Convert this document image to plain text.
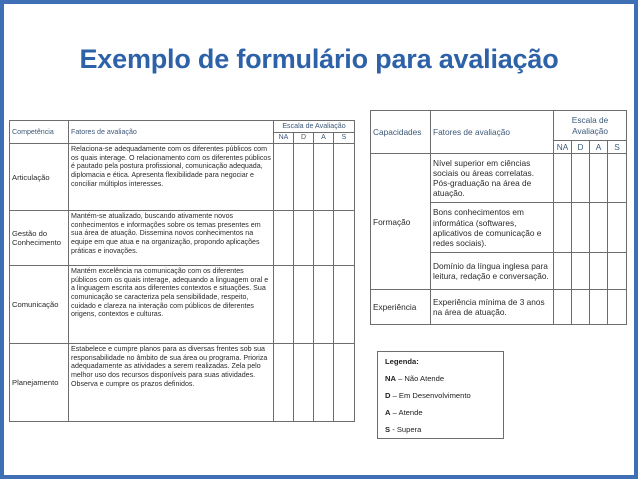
Exemplo de formulário para avaliação
Competência	Fatores de avaliação	Escala de Avaliação			
		NA	D	A	S
Articulação	Relaciona-se adequadamente com os diferentes públicos com os quais interage. O relacionamento com os diferentes públicos é pautado pela postura profissional, comunicação adequada, diplomacia e ética. Apresenta flexibilidade para negociar e conciliar múltiplos interesses.				
Gestão do Conhecimento	Mantém-se atualizado, buscando ativamente novos conhecimentos e informações sobre os temas presentes em sua área de atuação. Dissemina novos conhecimentos na equipe em que atua e na organização, propondo aplicações práticas e inovações.				
Comunicação	Mantém excelência na comunicação com os diferentes públicos com os quais interage, adequando a linguagem oral e a linguagem escrita aos diferentes contextos e situações. Sua comunicação se caracteriza pela sensibilidade, respeito, cuidado e clareza na interação com públicos de diferentes origens, contextos e culturas.				
Planejamento	Estabelece e cumpre planos para as diversas frentes sob sua responsabilidade no âmbito de sua área ou programa. Prioriza adequadamente as atividades a serem realizadas. Zela pelo melhor uso dos recursos disponíveis para suas atividades. Observa e cumpre os prazos definidos.				
Capacidades	Fatores de avaliação	Escala de Avaliação			
		NA	D	A	S
Formação	Nível superior em ciências sociais ou áreas correlatas. Pós-graduação na área de atuação.				
	Bons conhecimentos em informática (softwares, aplicativos de comunicação e redes sociais).				
	Domínio da língua inglesa para leitura, redação e conversação.				
Experiência	Experiência mínima de 3 anos na área de atuação.				
Legenda:
NA – Não Atende
D – Em Desenvolvimento
A – Atende
S - Supera
